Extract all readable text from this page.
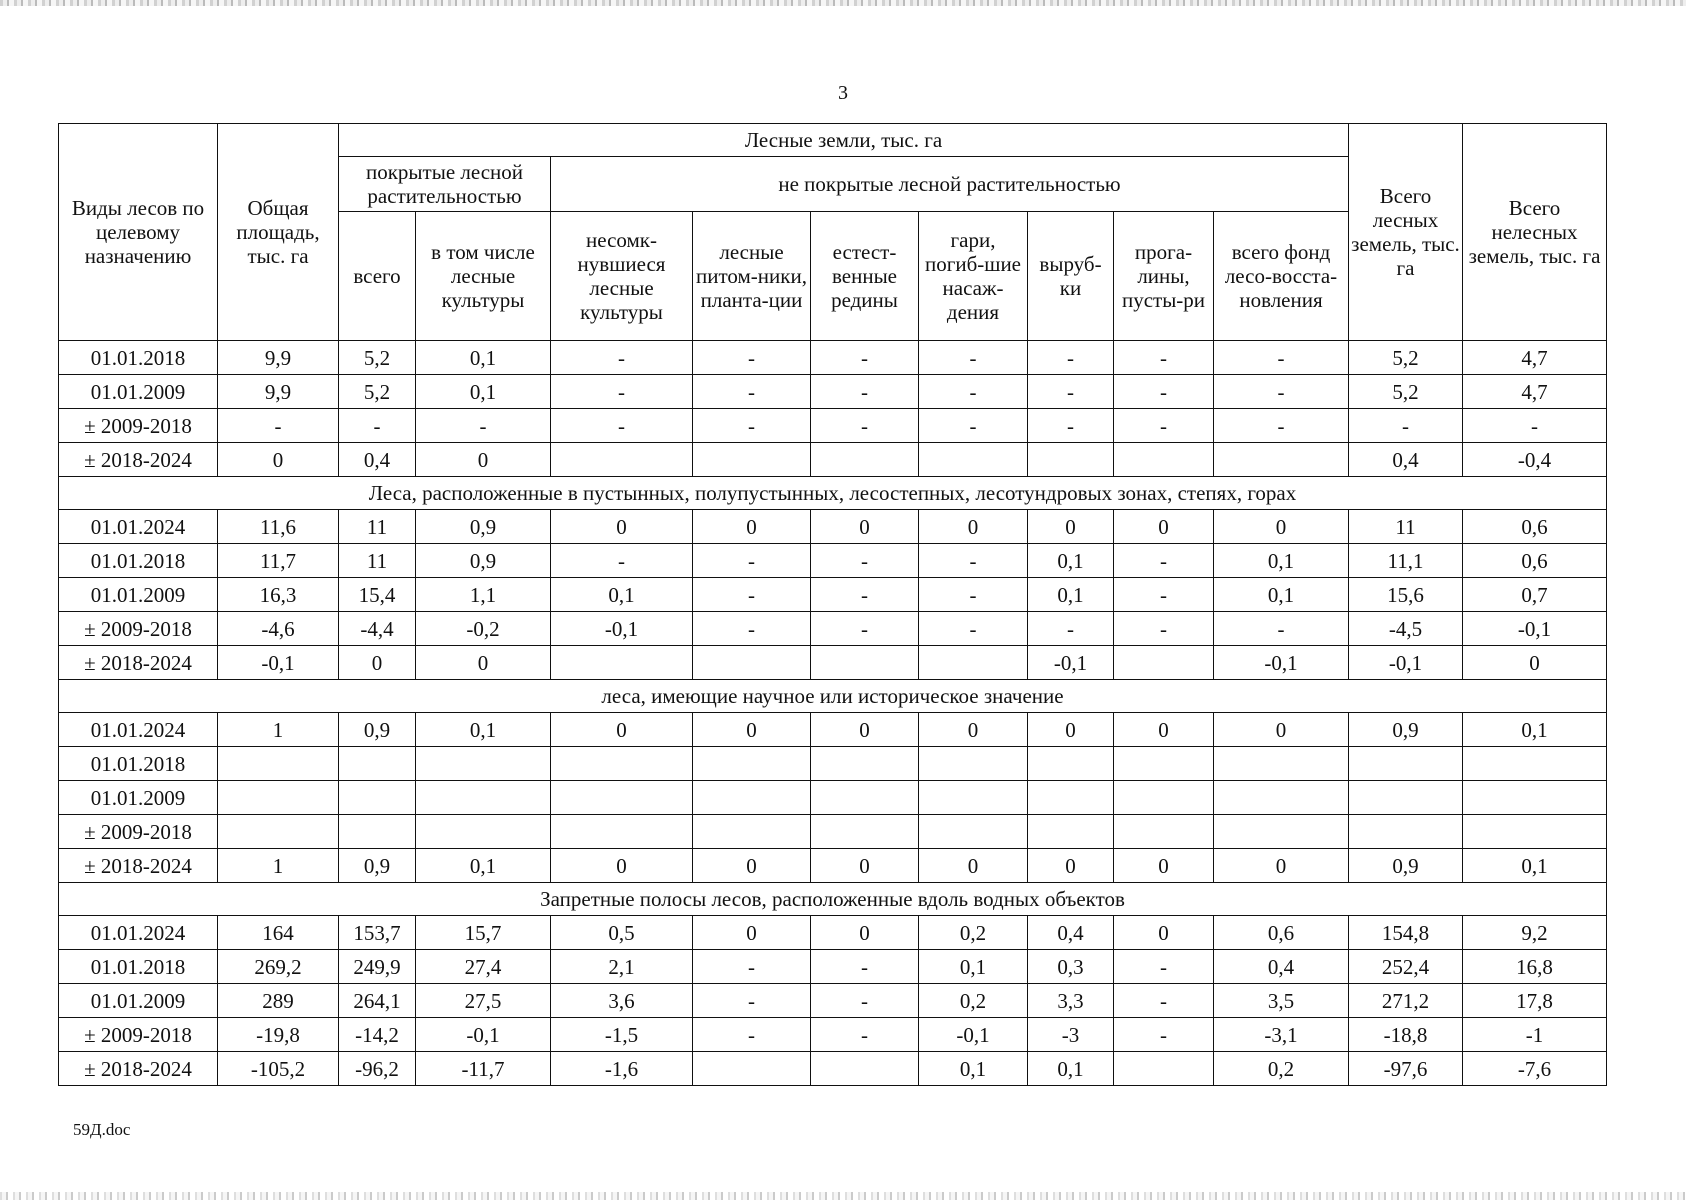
3
Виды лесов по целевому назначению	Общая площадь, тыс. га	Лесные земли, тыс. га									Всего лесных земель, тыс. га	Всего нелесных земель, тыс. га
		покрытые лесной растительностью		не покрытые лесной растительностью								
		всего	в том числе лесные культуры	несомк-нувшиеся лесные культуры	лесные питом-ники, планта-ции	естест-венные редины	гари, погиб-шие насаж-дения	выруб-ки	прога-лины, пусты-ри	всего фонд лесо-восста-новления		
01.01.2018	9,9	5,2	0,1	-	-	-	-	-	-	-	5,2	4,7
01.01.2009	9,9	5,2	0,1	-	-	-	-	-	-	-	5,2	4,7
± 2009-2018	-	-	-	-	-	-	-	-	-	-	-	-
± 2018-2024	0	0,4	0								0,4	-0,4
Леса, расположенные в пустынных, полупустынных, лесостепных, лесотундровых зонах, степях, горах												
01.01.2024	11,6	11	0,9	0	0	0	0	0	0	0	11	0,6
01.01.2018	11,7	11	0,9	-	-	-	-	0,1	-	0,1	11,1	0,6
01.01.2009	16,3	15,4	1,1	0,1	-	-	-	0,1	-	0,1	15,6	0,7
± 2009-2018	-4,6	-4,4	-0,2	-0,1	-	-	-	-	-	-	-4,5	-0,1
± 2018-2024	-0,1	0	0					-0,1		-0,1	-0,1	0
леса, имеющие научное или историческое значение												
01.01.2024	1	0,9	0,1	0	0	0	0	0	0	0	0,9	0,1
01.01.2018												
01.01.2009												
± 2009-2018												
± 2018-2024	1	0,9	0,1	0	0	0	0	0	0	0	0,9	0,1
Запретные полосы лесов, расположенные вдоль водных объектов												
01.01.2024	164	153,7	15,7	0,5	0	0	0,2	0,4	0	0,6	154,8	9,2
01.01.2018	269,2	249,9	27,4	2,1	-	-	0,1	0,3	-	0,4	252,4	16,8
01.01.2009	289	264,1	27,5	3,6	-	-	0,2	3,3	-	3,5	271,2	17,8
± 2009-2018	-19,8	-14,2	-0,1	-1,5	-	-	-0,1	-3	-	-3,1	-18,8	-1
± 2018-2024	-105,2	-96,2	-11,7	-1,6			0,1	0,1		0,2	-97,6	-7,6
59Д.doc
